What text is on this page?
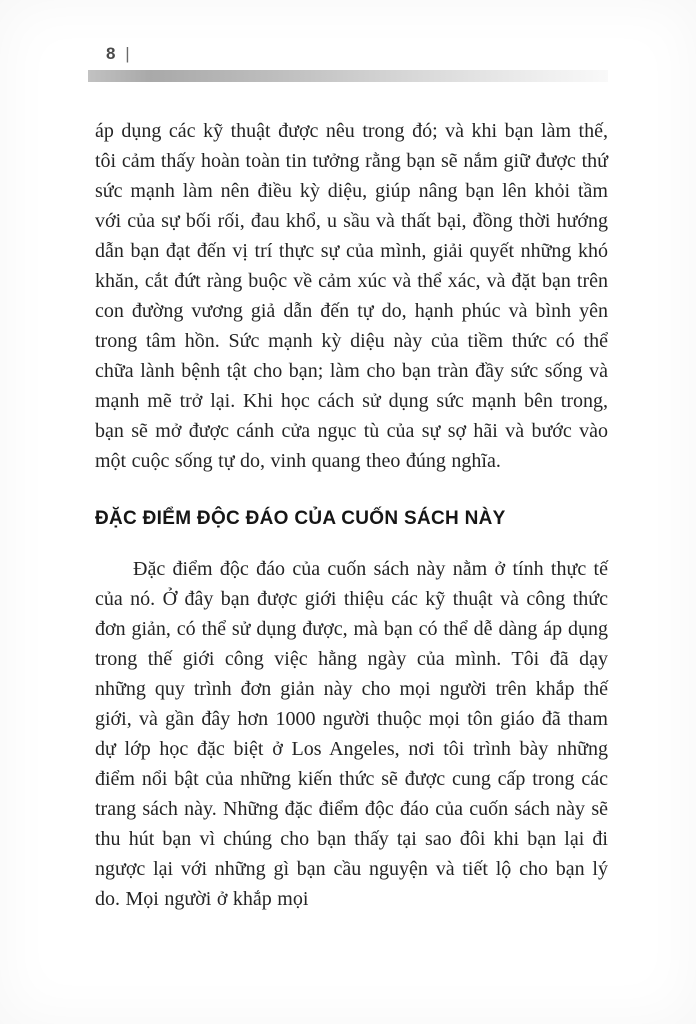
8 |

áp dụng các kỹ thuật được nêu trong đó; và khi bạn làm thế, tôi cảm thấy hoàn toàn tin tưởng rằng bạn sẽ nắm giữ được thứ sức mạnh làm nên điều kỳ diệu, giúp nâng bạn lên khỏi tầm với của sự bối rối, đau khổ, u sầu và thất bại, đồng thời hướng dẫn bạn đạt đến vị trí thực sự của mình, giải quyết những khó khăn, cắt đứt ràng buộc về cảm xúc và thể xác, và đặt bạn trên con đường vương giả dẫn đến tự do, hạnh phúc và bình yên trong tâm hồn. Sức mạnh kỳ diệu này của tiềm thức có thể chữa lành bệnh tật cho bạn; làm cho bạn tràn đầy sức sống và mạnh mẽ trở lại. Khi học cách sử dụng sức mạnh bên trong, bạn sẽ mở được cánh cửa ngục tù của sự sợ hãi và bước vào một cuộc sống tự do, vinh quang theo đúng nghĩa.

ĐẶC ĐIỂM ĐỘC ĐÁO CỦA CUỐN SÁCH NÀY

Đặc điểm độc đáo của cuốn sách này nằm ở tính thực tế của nó. Ở đây bạn được giới thiệu các kỹ thuật và công thức đơn giản, có thể sử dụng được, mà bạn có thể dễ dàng áp dụng trong thế giới công việc hằng ngày của mình. Tôi đã dạy những quy trình đơn giản này cho mọi người trên khắp thế giới, và gần đây hơn 1000 người thuộc mọi tôn giáo đã tham dự lớp học đặc biệt ở Los Angeles, nơi tôi trình bày những điểm nổi bật của những kiến thức sẽ được cung cấp trong các trang sách này. Những đặc điểm độc đáo của cuốn sách này sẽ thu hút bạn vì chúng cho bạn thấy tại sao đôi khi bạn lại đi ngược lại với những gì bạn cầu nguyện và tiết lộ cho bạn lý do. Mọi người ở khắp mọi
